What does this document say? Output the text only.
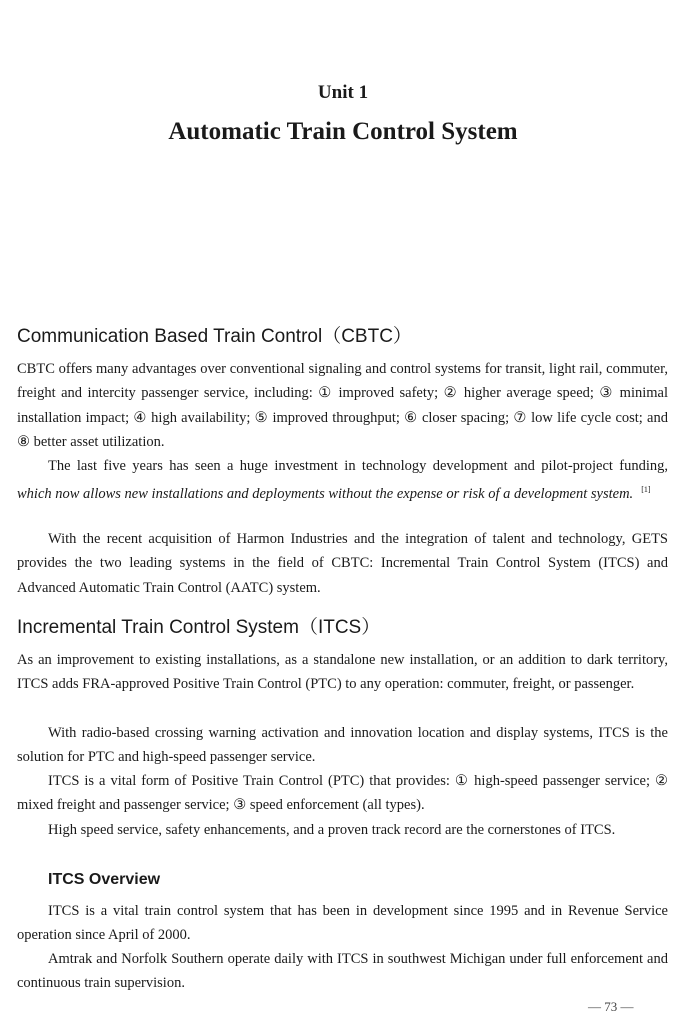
Unit 1
Automatic Train Control System
Communication Based Train Control（CBTC）

CBTC offers many advantages over conventional signaling and control systems for transit, light rail, commuter, freight and intercity passenger service, including: ① improved safety; ② higher average speed; ③ minimal installation impact; ④ high availability; ⑤ improved throughput; ⑥ closer spacing; ⑦ low life cycle cost; and ⑧ better asset utilization.

The last five years has seen a huge investment in technology development and pilot-project funding, which now allows new installations and deployments without the expense or risk of a development system. [1]

With the recent acquisition of Harmon Industries and the integration of talent and technology, GETS provides the two leading systems in the field of CBTC: Incremental Train Control System (ITCS) and Advanced Automatic Train Control (AATC) system.

Incremental Train Control System（ITCS）

As an improvement to existing installations, as a standalone new installation, or an addition to dark territory, ITCS adds FRA-approved Positive Train Control (PTC) to any operation: commuter, freight, or passenger.

With radio-based crossing warning activation and innovation location and display systems, ITCS is the solution for PTC and high-speed passenger service.

ITCS is a vital form of Positive Train Control (PTC) that provides: ① high-speed passenger service; ② mixed freight and passenger service; ③ speed enforcement (all types).

High speed service, safety enhancements, and a proven track record are the cornerstones of ITCS.

ITCS Overview

ITCS is a vital train control system that has been in development since 1995 and in Revenue Service operation since April of 2000.

Amtrak and Norfolk Southern operate daily with ITCS in southwest Michigan under full enforcement and continuous train supervision.

— 73 —
